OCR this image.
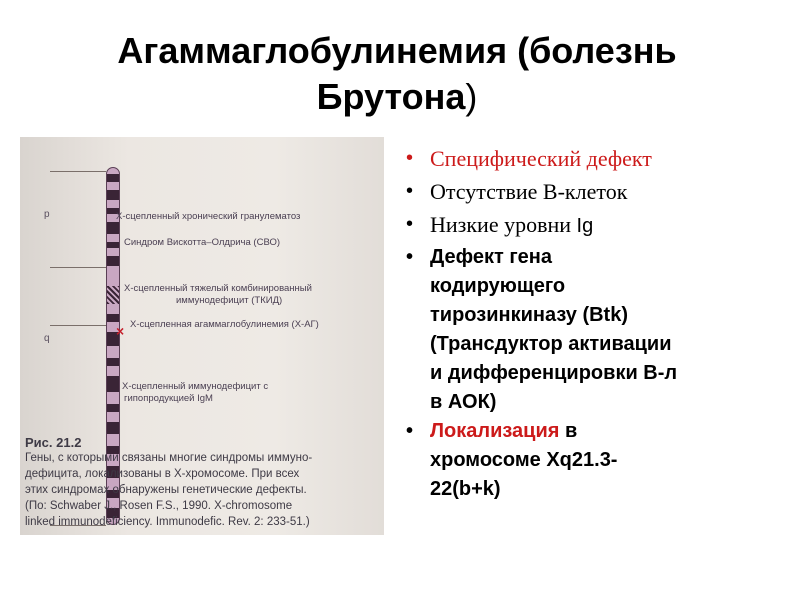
Агаммаглобулинемия (болезнь
Брутона)
p
q
Х-сцепленный хронический гранулематоз
Синдром Вискотта–Олдрича (СВО)
Х-сцепленный тяжелый комбинированный
иммунодефицит (ТКИД)
Х-сцепленная агаммаглобулинемия (Х-АГ)
Х-сцепленный иммунодефицит с
гипопродукцией IgM
×
Рис. 21.2
Гены, с которыми связаны многие синдромы иммуно-
дефицита, локализованы в Х-хромосоме. При всех
этих синдромах обнаружены генетические дефекты.
(По: Schwaber J., Rosen F.S., 1990. X-chromosome
linked immunodeficiency. Immunodefic. Rev. 2: 233-51.)
• Специфический дефект
• Отсутствие В-клеток
• Низкие уровни Ig
• Дефект гена
кодирующего
тирозинкиназу (Btk)
(Трансдуктор активации
и дифференцировки В-л
в АОК)
• Локализация в
хромосоме Xq21.3-
22(b+k)
